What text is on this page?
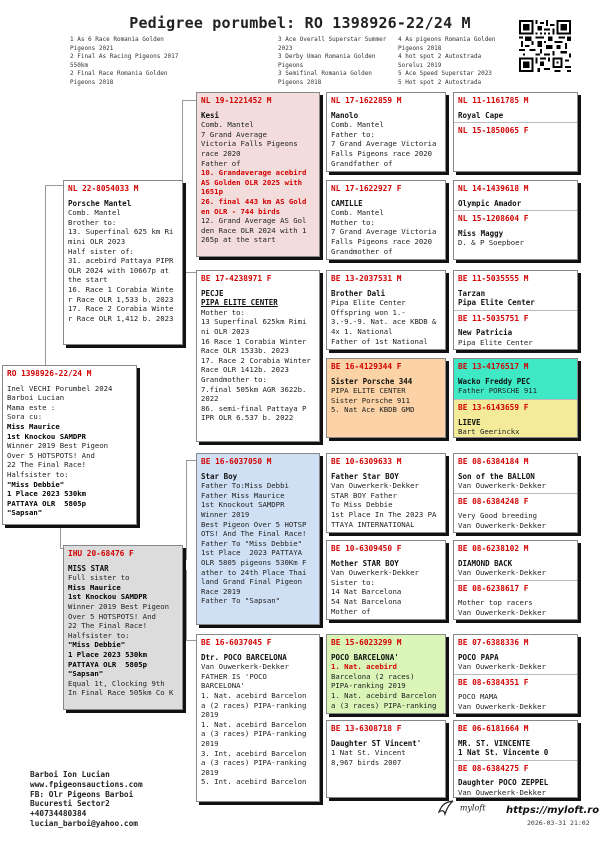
Pedigree porumbel: RO 1398926-22/24 M
1 As 6 Race Romania Golden
Pigeons 2021
2 Final As Racing Pigeons 2017
550km
2 Final Race Romania Golden
Pigeons 2018
3 Ace Overall Superstar Summer
2023
3 Derby Uman Romania Golden
Pigeons
3 Semifinal Romania Golden
Pigeons 2018
4 As pigeons Romania Golden
Pigeons 2018
4 hot spot 2 Autostrada
Soreluı 2019
5 Ace Speed Superstar 2023
5 Hot spot 2 Autostrada
RO 1398926-22/24 M
Inel VECHI Porumbel 2024
Barboi Lucian
Mama este :
Sora cu:
Miss Maurice
1st Knockou SAMDPR
Winner 2019 Best Pigeon
Over 5 HOTSPOTS! And
22 The Final Race!
Halfsister to:
"Miss Debbie"
1 Place 2023 530km
PATTAYA OLR  5805p
"Sapsan"
NL 22-8054033 M
Porsche Mantel
Comb. Mantel
Brother to:
13. Superfinal 625 km Ri
mini OLR 2023
Half sister of:
31. acebird Pattaya PIPR
OLR 2024 with 10667p at
the start
16. Race 1 Corabia Winte
r Race OLR 1,533 b. 2023
17. Race 2 Corabia Winte
r Race OLR 1,412 b. 2023
IHU 20-68476 F
MISS STAR
Full sister to
Miss Maurice
1st Knockou SAMDPR
Winner 2019 Best Pigeon
Over 5 HOTSPOTS! And
22 The Final Race!
Halfsister to:
"Miss Debbie"
1 Place 2023 530km
PATTAYA OLR  5805p
"Sapsan"
Equal 1t, Clocking 9th
In Final Race 505km Co K
NL 19-1221452 M
Kesi
Comb. Mantel
7 Grand Average
Victoria Falls Pigeons
race 2020
Father of
10. Grandaverage acebird
AS Golden OLR 2025 with
1651p
26. final 443 km AS Gold
en OLR - 744 birds
12. Grand Average AS Gol
den Race OLR 2024 with 1
265p at the start
BE 17-4238971 F
PECJE
PIPA ELITE CENTER
Mother to:
13 Superfinal 625km Rimi
ni OLR 2023
16 Race 1 Corabia Winter
Race OLR 1533b. 2023
17. Race 2 Corabia Winter
Race OLR 1412b. 2023
Grandmother to:
7.final 505km AGR 3622b.
2022
86. semi-final Pattaya P
IPR OLR 6.537 b. 2022
BE 16-6037050 M
Star Boy
Father To:Miss Debbi
Father Miss Maurice
1st Knockout SAMDPR
Winner 2019
Best Pigeon Over 5 HOTSP
OTS! And The Final Race!
Father To "Miss Debbie"
1st Place  2023 PATTAYA
OLR 5805 pigeons 530Km F
ather to 24th Place Thai
land Grand Final Pigeon
Race 2019
Father To "Sapsan"
BE 16-6037045 F
Dtr. POCO BARCELONA
Van Ouwerkerk-Dekker
FATHER IS 'POCO
BARCELONA'
1. Nat. acebird Barcelon
a (2 races) PIPA-ranking
2019
1. Nat. acebird Barcelon
a (3 races) PIPA-ranking
2019
3. Int. acebird Barcelon
a (3 races) PIPA-ranking
2019
5. Int. acebird Barcelon
NL 17-1622859 M
Manolo
Comb. Mantel
Father to:
7 Grand Average Victoria
Falls Pigeons race 2020
Grandfather of
NL 17-1622927 F
CAMILLE
Comb. Mantel
Mother to:
7 Grand Average Victoria
Falls Pigeons race 2020
Grandmother of
BE 13-2037531 M
Brother Dali
Pipa Elite Center
Offspring won 1.-
3.-9.-9. Nat. ace KBDB &
4x 1. National
Father of 1st National
BE 16-4129344 F
Sister Porsche 344
PIPA ELITE CENTER
Sister Porsche 911
5. Nat Ace KBDB GMD
BE 10-6309633 M
Father Star BOY
Van Ouwerkerk-Dekker
STAR BOY Father
To Miss Debbie
1st Place In The 2023 PA
TTAYA INTERNATIONAL
BE 10-6309450 F
Mother STAR BOY
Van Ouwerkerk-Dekker
Sister to:
14 Nat Barcelona
54 Nat Barcelona
Mother of
BE 15-6023299 M
POCO BARCELONA'
1. Nat. acebird
Barcelona (2 races)
PIPA-ranking 2019
1. Nat. acebird Barcelon
a (3 races) PIPA-ranking
BE 13-6308718 F
Daughter ST Vincent'
1 Nat St. Vincent
8,967 birds 2007
NL 11-1161785 M
Royal Cape
NL 15-1850065 F
NL 14-1439618 M
Olympic Amador
NL 15-1208604 F
Miss Maggy
D. & P Soepboer
BE 11-5035555 M
Tarzan
Pipa Elite Center
BE 11-5035751 F
New Patricia
Pipa Elite Center
BE 13-4176517 M
Wacko Freddy PEC
Father PORSCHE 911
BE 13-6143659 F
LIEVE
Bart Geerinckx
BE 08-6384184 M
Son of the BALLON
Van Ouwerkerk-Dekker
BE 08-6384248 F
Very Good breeding
Van Ouwerkerk-Dekker
BE 08-6238102 M
DIAMOND BACK
Van Ouwerkerk-Dekker
BE 08-6238617 F
Mother top racers
Van Ouwerkerk-Dekker
BE 07-6388336 M
POCO PAPA
Van Ouwerkerk-Dekker
BE 08-6384351 F
POCO MAMA
Van Ouwerkerk-Dekker
BE 06-6181664 M
MR. ST. VINCENTE
1 Nat St. Vincente 0
BE 08-6384275 F
Daughter POCO ZEPPEL
Van Ouwerkerk-Dekker
Barboi Ion Lucian
www.fpigeonsauctions.com
FB: Olr Pigeons Barboi
Bucuresti Sector2
+40734480384
lucian_barboi@yahoo.com
myloft https://myloft.ro
2026-03-31 21:02
